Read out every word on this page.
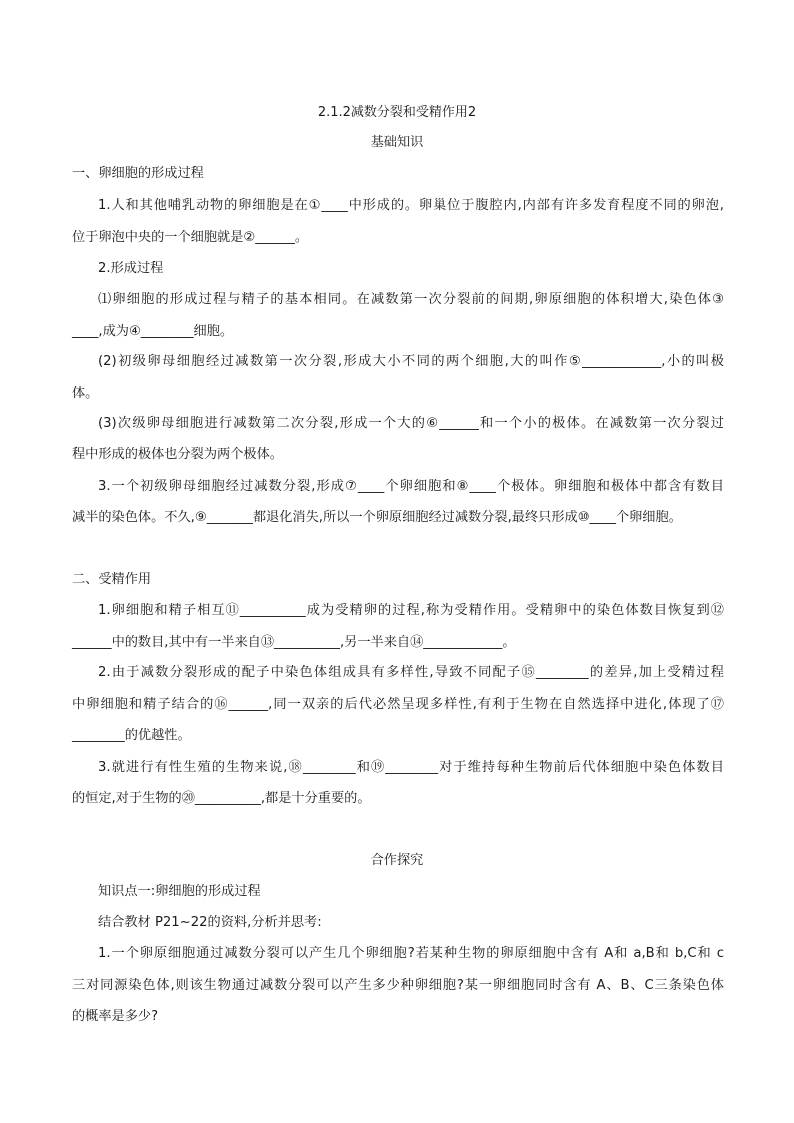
2.1.2减数分裂和受精作用2
基础知识
一、卵细胞的形成过程
1.人和其他哺乳动物的卵细胞是在①____中形成的。卵巢位于腹腔内,内部有许多发育程度不同的卵泡,
位于卵泡中央的一个细胞就是②______。
2.形成过程
⑴卵细胞的形成过程与精子的基本相同。在减数第一次分裂前的间期,卵原细胞的体积增大,染色体③
____,成为④________细胞。
(2)初级卵母细胞经过减数第一次分裂,形成大小不同的两个细胞,大的叫作⑤____________,小的叫极
体。
(3)次级卵母细胞进行减数第二次分裂,形成一个大的⑥______和一个小的极体。在减数第一次分裂过
程中形成的极体也分裂为两个极体。
3.一个初级卵母细胞经过减数分裂,形成⑦____个卵细胞和⑧____个极体。卵细胞和极体中都含有数目
减半的染色体。不久,⑨_______都退化消失,所以一个卵原细胞经过减数分裂,最终只形成⑩____个卵细胞。
二、受精作用
1.卵细胞和精子相互⑪__________成为受精卵的过程,称为受精作用。受精卵中的染色体数目恢复到⑫
______中的数目,其中有一半来自⑬__________,另一半来自⑭____________。
2.由于减数分裂形成的配子中染色体组成具有多样性,导致不同配子⑮________的差异,加上受精过程
中卵细胞和精子结合的⑯______,同一双亲的后代必然呈现多样性,有利于生物在自然选择中进化,体现了⑰
________的优越性。
3.就进行有性生殖的生物来说,⑱________和⑲________对于维持每种生物前后代体细胞中染色体数目
的恒定,对于生物的⑳__________,都是十分重要的。
合作探究
知识点一:卵细胞的形成过程
结合教材 P21~22的资料,分析并思考:
1.一个卵原细胞通过减数分裂可以产生几个卵细胞?若某种生物的卵原细胞中含有 A和 a,B和 b,C和 c
三对同源染色体,则该生物通过减数分裂可以产生多少种卵细胞?某一卵细胞同时含有 A、B、C三条染色体
的概率是多少?
